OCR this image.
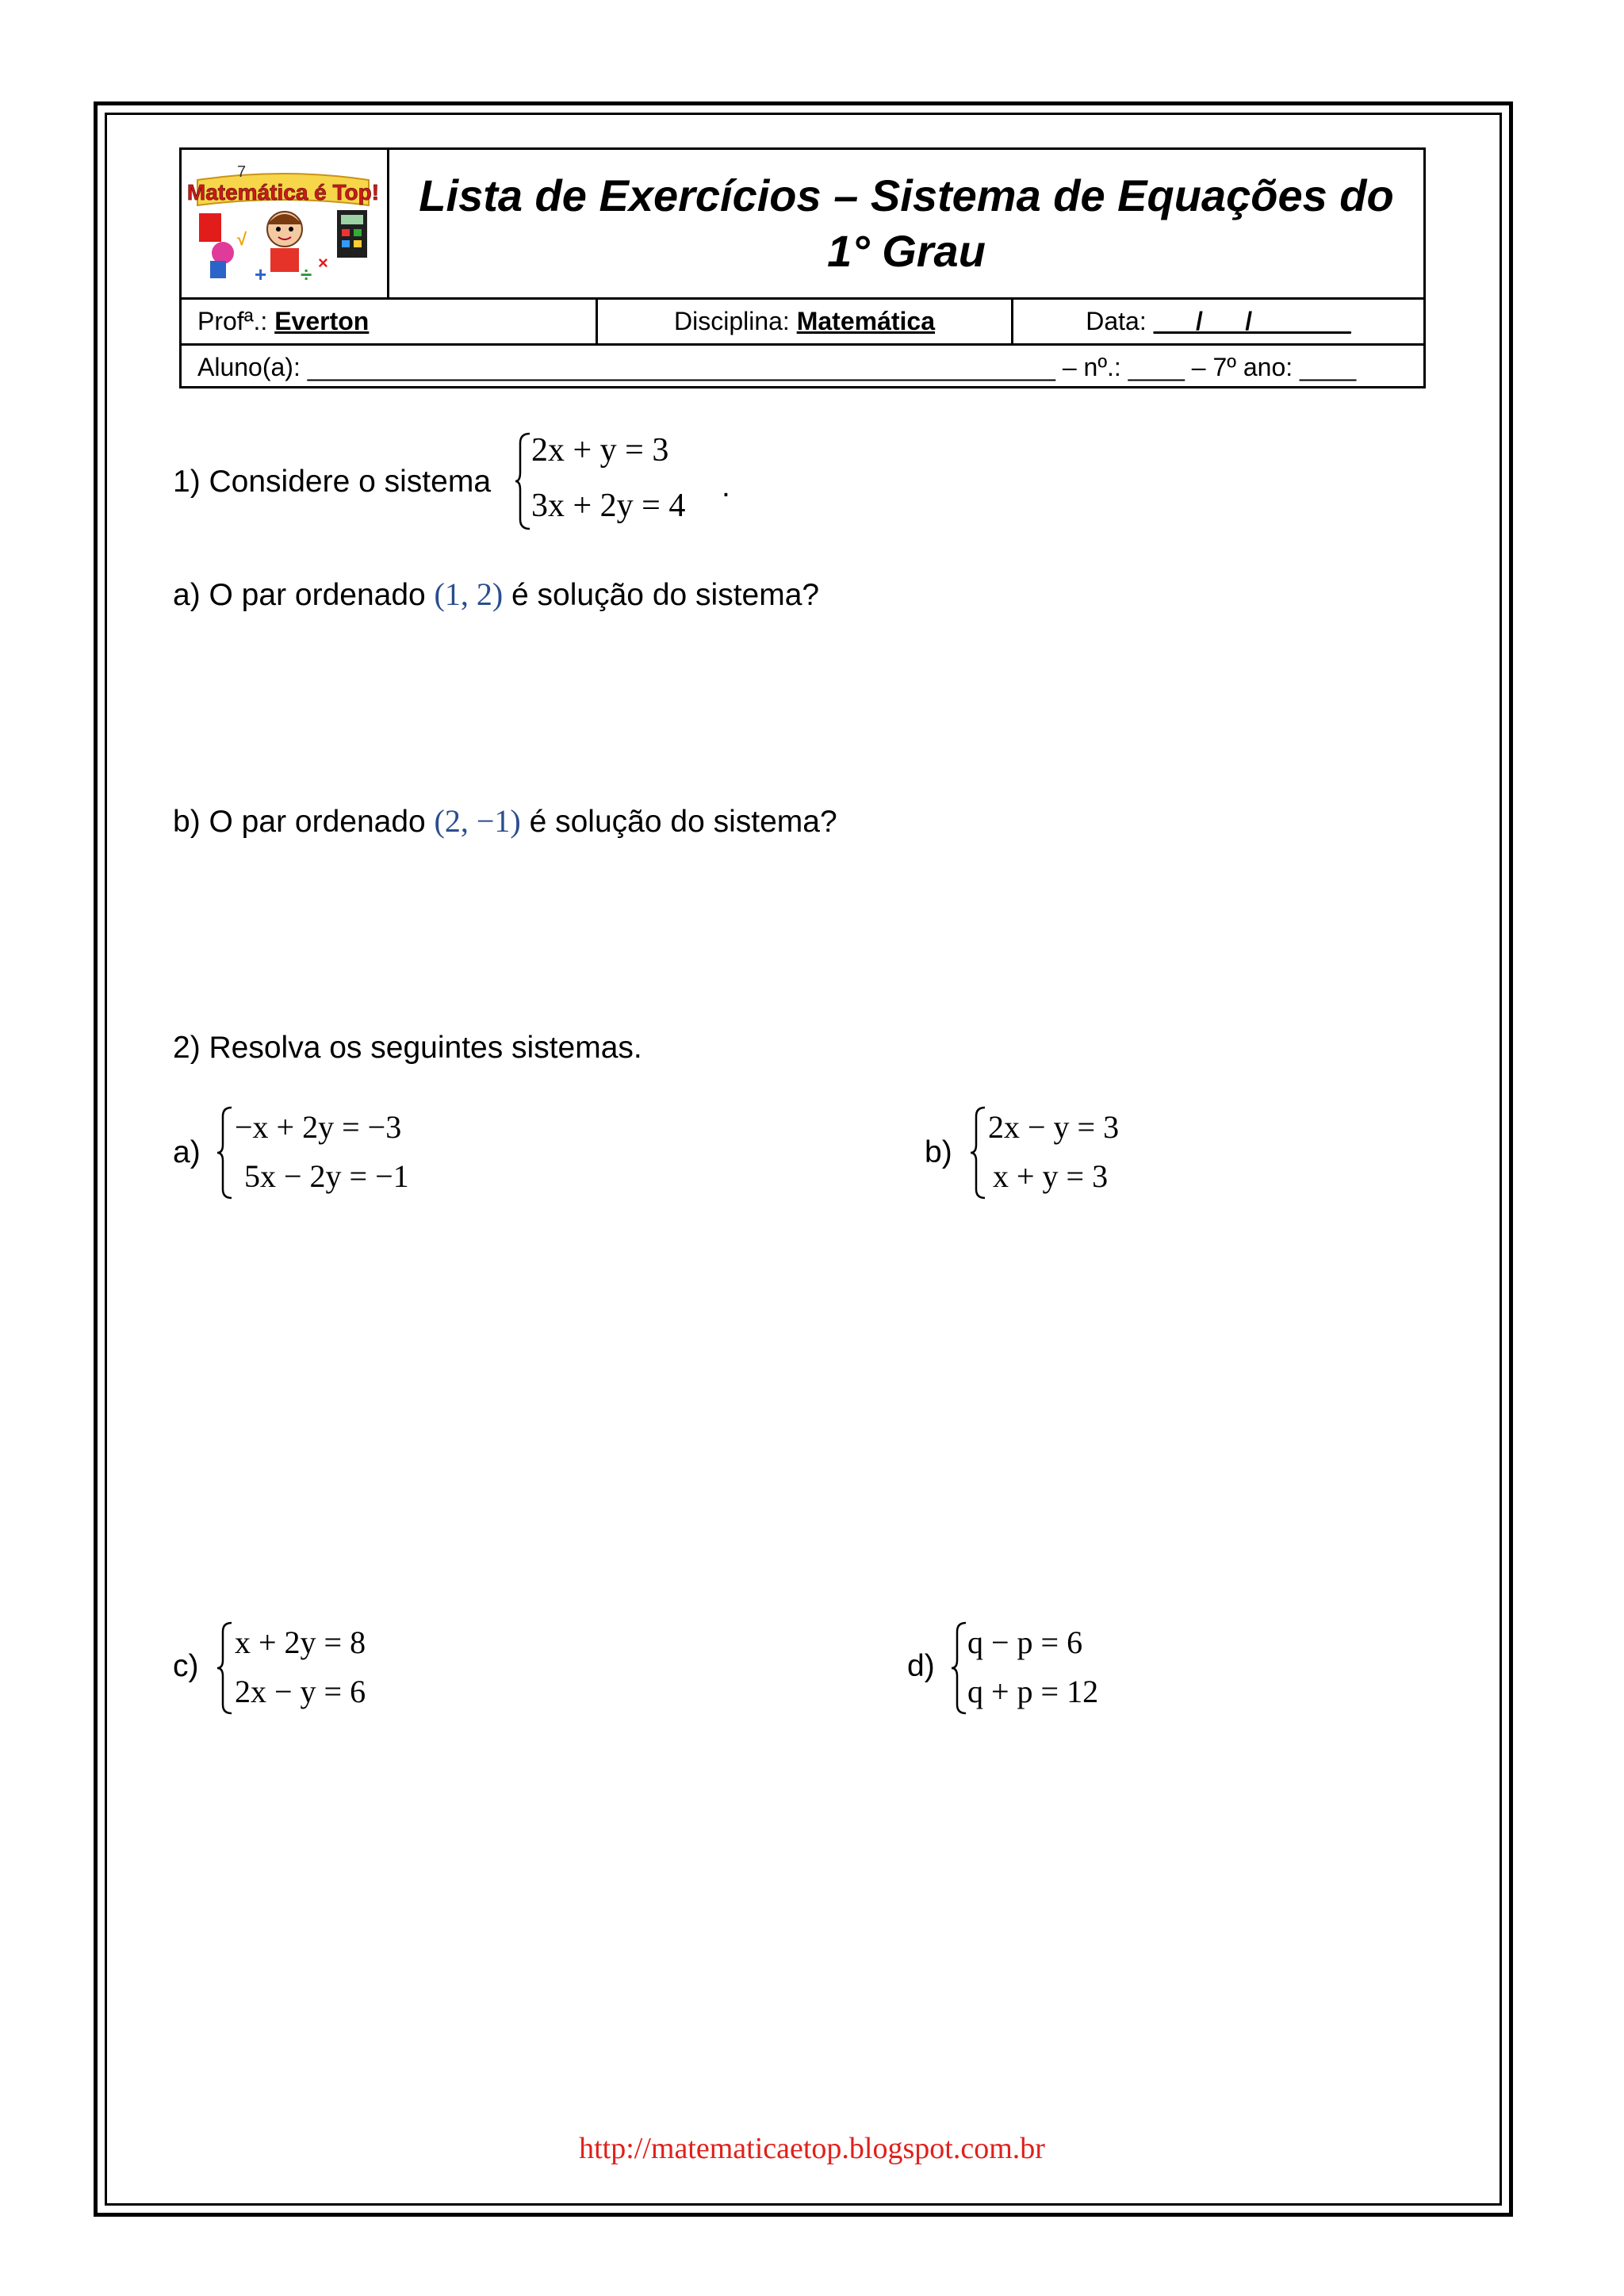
Matemática é Top!
7
+ ÷ ×
√
Lista de Exercícios – Sistema de Equações do 1° Grau
Profª.:
Everton	Disciplina:
Matemática	Data:
___/___/_______
Aluno(a): _____________________________________________________ – nº.: ____ – 7º ano: ____
1) Considere o sistema
2x + y = 3
3x + 2y = 4
.
a) O par ordenado (1, 2) é solução do sistema?
b) O par ordenado (2, −1) é solução do sistema?
2) Resolva os seguintes sistemas.
a)
−x + 2y = −3
5x − 2y = −1
b)
2x − y = 3
x + y = 3
c)
x + 2y = 8
2x − y = 6
d)
q − p = 6
q + p = 12
http://matematicaetop.blogspot.com.br
